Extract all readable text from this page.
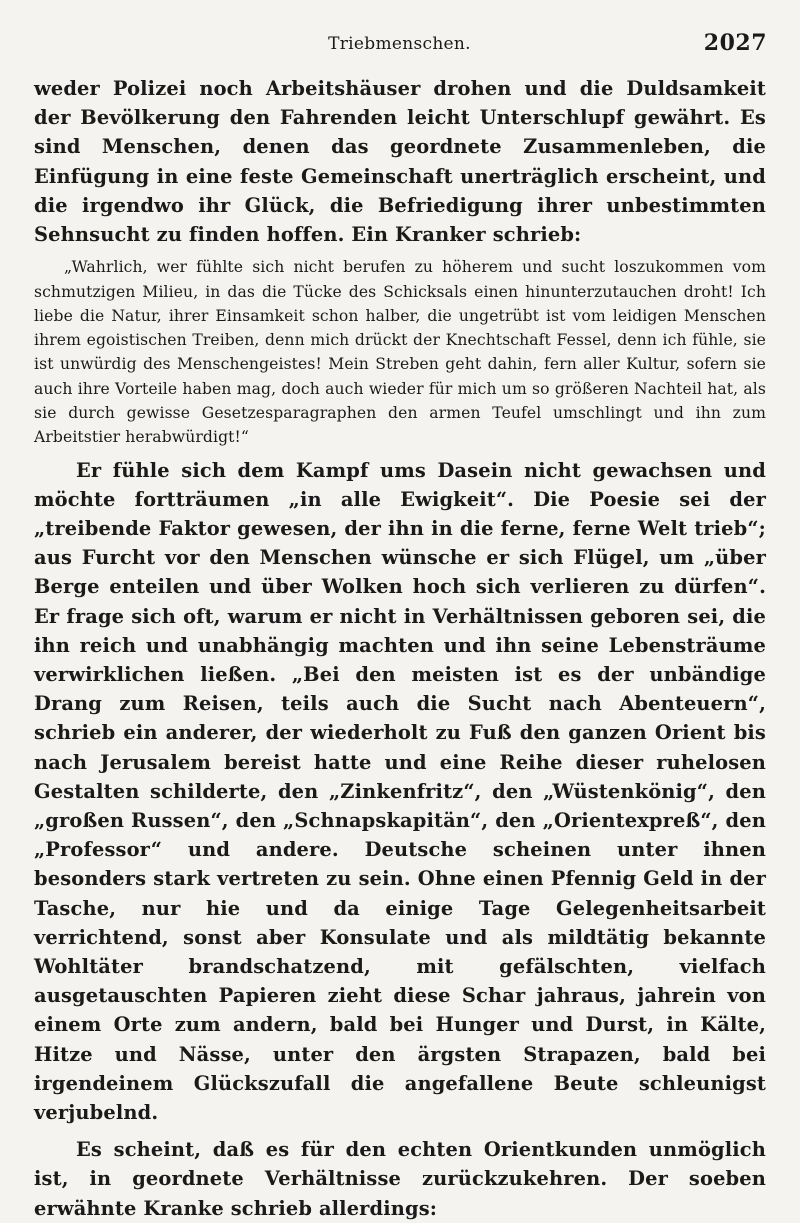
Triebmenschen.	2027

weder Polizei noch Arbeitshäuser drohen und die Duldsamkeit der Bevölkerung den Fahrenden leicht Unterschlupf gewährt. Es sind Menschen, denen das geordnete Zusammenleben, die Einfügung in eine feste Gemeinschaft unerträglich erscheint, und die irgendwo ihr Glück, die Befriedigung ihrer unbestimmten Sehnsucht zu finden hoffen. Ein Kranker schrieb:

„Wahrlich, wer fühlte sich nicht berufen zu höherem und sucht loszukommen vom schmutzigen Milieu, in das die Tücke des Schicksals einen hinunterzutauchen droht! Ich liebe die Natur, ihrer Einsamkeit schon halber, die ungetrübt ist vom leidigen Menschen ihrem egoistischen Treiben, denn mich drückt der Knechtschaft Fessel, denn ich fühle, sie ist unwürdig des Menschengeistes! Mein Streben geht dahin, fern aller Kultur, sofern sie auch ihre Vorteile haben mag, doch auch wieder für mich um so größeren Nachteil hat, als sie durch gewisse Gesetzesparagraphen den armen Teufel umschlingt und ihn zum Arbeitstier herabwürdigt!“

Er fühle sich dem Kampf ums Dasein nicht gewachsen und möchte fortträumen „in alle Ewigkeit“. Die Poesie sei der „treibende Faktor gewesen, der ihn in die ferne, ferne Welt trieb“; aus Furcht vor den Menschen wünsche er sich Flügel, um „über Berge enteilen und über Wolken hoch sich verlieren zu dürfen“. Er frage sich oft, warum er nicht in Verhältnissen geboren sei, die ihn reich und unabhängig machten und ihn seine Lebensträume verwirklichen ließen. „Bei den meisten ist es der unbändige Drang zum Reisen, teils auch die Sucht nach Abenteuern“, schrieb ein anderer, der wiederholt zu Fuß den ganzen Orient bis nach Jerusalem bereist hatte und eine Reihe dieser ruhelosen Gestalten schilderte, den „Zinkenfritz“, den „Wüstenkönig“, den „großen Russen“, den „Schnapskapitän“, den „Orientexpreß“, den „Professor“ und andere. Deutsche scheinen unter ihnen besonders stark vertreten zu sein. Ohne einen Pfennig Geld in der Tasche, nur hie und da einige Tage Gelegenheitsarbeit verrichtend, sonst aber Konsulate und als mildtätig bekannte Wohltäter brandschatzend, mit gefälschten, vielfach ausgetauschten Papieren zieht diese Schar jahraus, jahrein von einem Orte zum andern, bald bei Hunger und Durst, in Kälte, Hitze und Nässe, unter den ärgsten Strapazen, bald bei irgendeinem Glückszufall die angefallene Beute schleunigst verjubelnd.

Es scheint, daß es für den echten Orientkunden unmöglich ist, in geordnete Verhältnisse zurückzukehren. Der soeben erwähnte Kranke schrieb allerdings:
